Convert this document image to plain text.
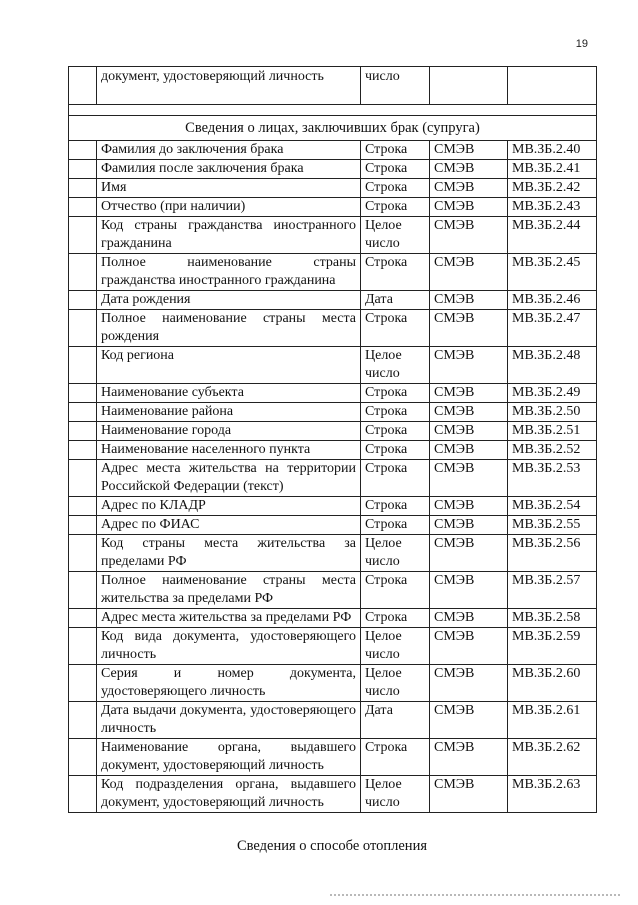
19
	документ, удостоверяющий личность	число		

Сведения о лицах, заключивших брак (супруга)				
	Фамилия до заключения брака	Строка	СМЭВ	МВ.ЗБ.2.40
	Фамилия после заключения брака	Строка	СМЭВ	МВ.ЗБ.2.41
	Имя	Строка	СМЭВ	МВ.ЗБ.2.42
	Отчество (при наличии)	Строка	СМЭВ	МВ.ЗБ.2.43
	Код страны гражданства иностранного гражданина	Целое число	СМЭВ	МВ.ЗБ.2.44
	Полное наименование страны гражданства иностранного гражданина	Строка	СМЭВ	МВ.ЗБ.2.45
	Дата рождения	Дата	СМЭВ	МВ.ЗБ.2.46
	Полное наименование страны места рождения	Строка	СМЭВ	МВ.ЗБ.2.47
	Код региона	Целое число	СМЭВ	МВ.ЗБ.2.48
	Наименование субъекта	Строка	СМЭВ	МВ.ЗБ.2.49
	Наименование района	Строка	СМЭВ	МВ.ЗБ.2.50
	Наименование города	Строка	СМЭВ	МВ.ЗБ.2.51
	Наименование населенного пункта	Строка	СМЭВ	МВ.ЗБ.2.52
	Адрес места жительства на территории Российской Федерации (текст)	Строка	СМЭВ	МВ.ЗБ.2.53
	Адрес по КЛАДР	Строка	СМЭВ	МВ.ЗБ.2.54
	Адрес по ФИАС	Строка	СМЭВ	МВ.ЗБ.2.55
	Код страны места жительства за пределами РФ	Целое число	СМЭВ	МВ.ЗБ.2.56
	Полное наименование страны места жительства за пределами РФ	Строка	СМЭВ	МВ.ЗБ.2.57
	Адрес места жительства за пределами РФ	Строка	СМЭВ	МВ.ЗБ.2.58
	Код вида документа, удостоверяющего личность	Целое число	СМЭВ	МВ.ЗБ.2.59
	Серия и номер документа, удостоверяющего личность	Целое число	СМЭВ	МВ.ЗБ.2.60
	Дата выдачи документа, удостоверяющего личность	Дата	СМЭВ	МВ.ЗБ.2.61
	Наименование органа, выдавшего документ, удостоверяющий личность	Строка	СМЭВ	МВ.ЗБ.2.62
	Код подразделения органа, выдавшего документ, удостоверяющий личность	Целое число	СМЭВ	МВ.ЗБ.2.63
Сведения о способе отопления
